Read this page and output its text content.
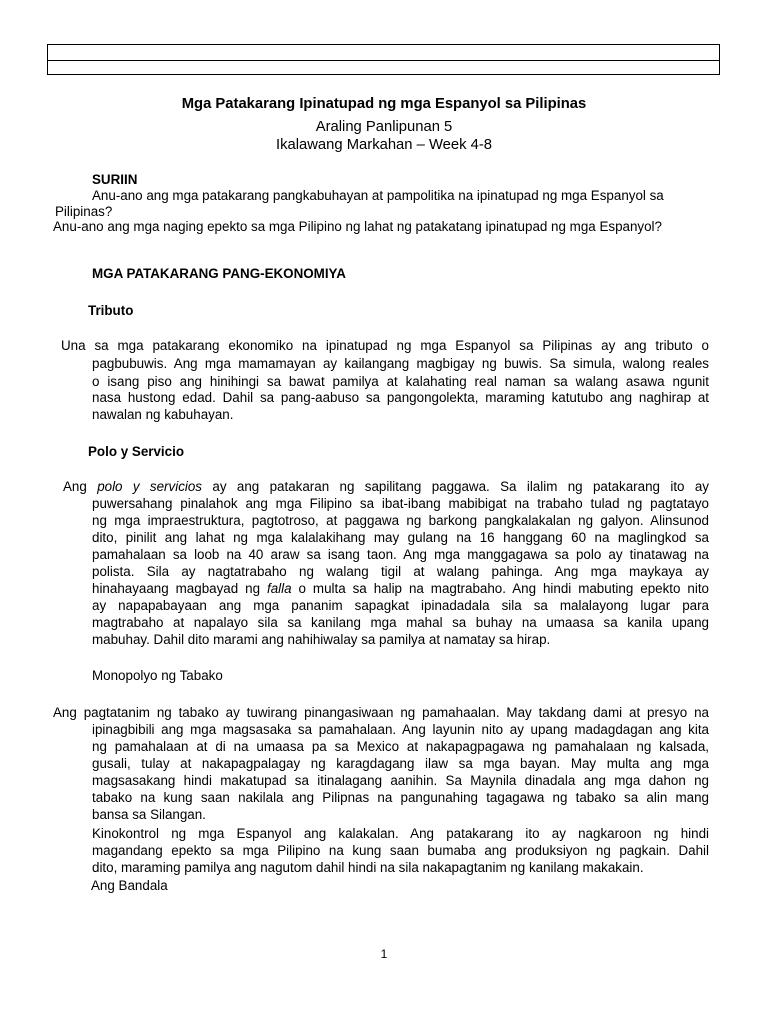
Mga Patakarang Ipinatupad ng mga Espanyol sa Pilipinas
Araling Panlipunan 5
Ikalawang Markahan – Week 4-8
SURIIN
Anu-ano ang mga patakarang pangkabuhayan at pampolitika na ipinatupad ng mga Espanyol sa
Pilipinas?
Anu-ano ang mga naging epekto sa mga Pilipino ng lahat ng patakatang ipinatupad ng mga Espanyol?
MGA PATAKARANG PANG-EKONOMIYA
Tributo
Una sa mga patakarang ekonomiko na ipinatupad ng mga Espanyol sa Pilipinas ay ang tributo o
pagbubuwis. Ang mga mamamayan ay kailangang magbigay ng buwis. Sa simula, walong reales
o isang piso ang hinihingi sa bawat pamilya at kalahating real naman sa walang asawa ngunit
nasa hustong edad. Dahil sa pang-aabuso sa pangongolekta, maraming katutubo ang naghirap at
nawalan ng kabuhayan.
Polo y Servicio
Ang polo y servicios ay ang patakaran ng sapilitang paggawa. Sa ilalim ng patakarang ito ay
puwersahang pinalahok ang mga Filipino sa ibat-ibang mabibigat na trabaho tulad ng pagtatayo
ng mga impraestruktura, pagtotroso, at paggawa ng barkong pangkalakalan ng galyon. Alinsunod
dito, pinilit ang lahat ng mga kalalakihang may gulang na 16 hanggang 60 na maglingkod sa
pamahalaan sa loob na 40 araw sa isang taon. Ang mga manggagawa sa polo ay tinatawag na
polista. Sila ay nagtatrabaho ng walang tigil at walang pahinga. Ang mga maykaya ay
hinahayaang magbayad ng falla o multa sa halip na magtrabaho. Ang hindi mabuting epekto nito
ay napapabayaan ang mga pananim sapagkat ipinadadala sila sa malalayong lugar para
magtrabaho at napalayo sila sa kanilang mga mahal sa buhay na umaasa sa kanila upang
mabuhay. Dahil dito marami ang nahihiwalay sa pamilya at namatay sa hirap.
Monopolyo ng Tabako
Ang pagtatanim ng tabako ay tuwirang pinangasiwaan ng pamahaalan. May takdang dami at presyo na
ipinagbibili ang mga magsasaka sa pamahalaan. Ang layunin nito ay upang madagdagan ang kita
ng pamahalaan at di na umaasa pa sa Mexico at nakapagpagawa ng pamahalaan ng kalsada,
gusali, tulay at nakapagpalagay ng karagdagang ilaw sa mga bayan. May multa ang mga
magsasakang hindi makatupad sa itinalagang aanihin. Sa Maynila dinadala ang mga dahon ng
tabako na kung saan nakilala ang Pilipnas na pangunahing tagagawa ng tabako sa alin mang
bansa sa Silangan.
Kinokontrol ng mga Espanyol ang kalakalan. Ang patakarang ito ay nagkaroon ng hindi
magandang epekto sa mga Pilipino na kung saan bumaba ang produksiyon ng pagkain. Dahil
dito, maraming pamilya ang nagutom dahil hindi na sila nakapagtanim ng kanilang makakain.
Ang Bandala
1
